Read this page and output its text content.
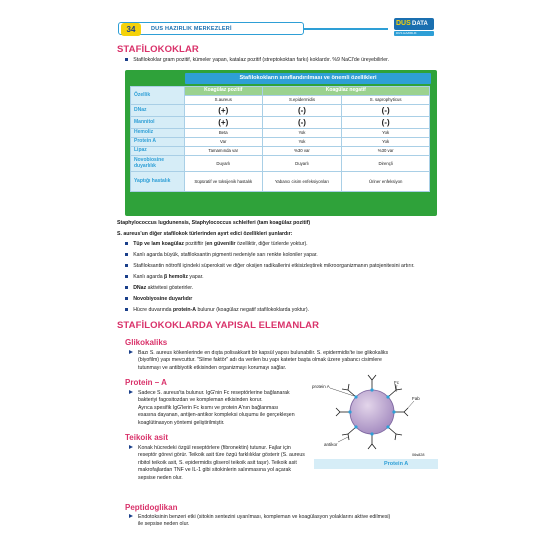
34	DUS HAZIRLIK MERKEZLERİ
DUS DATA
DUS HAZIRLIK MERKEZLERİ
STAFİLOKOKLAR
Stafilokoklar gram pozitif, kümeler yapan, katalaz pozitif (streptokoktan farkı) koklardır. %9 NaCl'de üreyebilirler.
Stafilokokların sınıflandırılması ve önemli özellikleri
Özellik	Koagülaz pozitif	Koagülaz negatif	
	S.aureus	S.epidermidis	S. saprophyticus
DNaz	(+)	(-)	(-)
Mannitol	(+)	(-)	(-)
Hemoliz	Beta	Yok	Yok
Protein A	Var	Yok	Yok
Lipaz	Tamamında var	%30 var	%30 var
Novobiosine duyarlılık	Duyarlı	Duyarlı	Dirençli
Yaptığı hastalık	Süpüratif ve toksijenik hastalık	Yabancı cisim enfeksiyonları	Üriner enfeksiyon
Staphylococcus lugdunensis, Staphylococcus schleiferi (tam koagülaz pozitif)
S. aureus'un diğer stafilokok türlerinden ayırt edici özellikleri şunlardır:
Tüp ve lam koagülaz pozitiftir (en güvenilir özelliktir, diğer türlerde yoktur).
Kanlı agarda büyük, stafiloksantin pigmenti nedeniyle sarı renkte koloniler yapar.
Stafiloksantin nötrofil içindeki süperoksit ve diğer oksijen radikallerini etkisizleştirek mikroorganizmanın patojenitesini artırır.
Kanlı agarda β hemoliz yapar.
DNaz aktivitesi gösterirler.
Novobiyosine duyarlıdır
Hücre duvarında protein-A bulunur (koagülaz negatif stafilokoklarda yoktur).
STAFİLOKOKLARDA YAPISAL ELEMANLAR
Glikokaliks
Bazı S. aureus kökenlerinde en dışta polisakkarit bir kapsül yapısı bulunabilir. S. epidermidis'te ise glikokaliks
(biyofilm) yapı mevcuttur. "Slime faktör" adı da verilen bu yapı kateter başta olmak üzere yabancı cisimlere
tutunmayı ve antibiyotik etkisinden organizmayı korumayı sağlar.
Protein – A
Sadece S. aureus'ta bulunur. IgG'nin Fc reseptörlerine bağlanarak
bakteriyi fagositozdan ve kompleman etkisinden korur.
Ayrıca spesifik IgG'lerin Fc kısmı ve protein A'nın bağlanması
esasına dayanan, antijen-antikor kompleksi oluşumu ile gerçekleşen
koaglütinasyon yöntemi geliştirilmiştir.
Teikoik asit
Konak hücredeki özgül reseptörlere (fibronektin) tutunur. Fajlar için
reseptör görevi görür. Teikoik asit türe özgü farklılıklar gösterir (S. aureus
ribitol teikoik asit, S. epidermidis gliserol teikoik asit taşır). Teikoik asit
makrofajlardan TNF ve IL-1 gibi sitokinlerin salınmasına yol açarak
sepsise neden olur.
Peptidoglikan
Endotoksinin benzeri etki (sitokin sentezini uyarılması, kompleman ve koagülasyon yolaklarını aktive edilmesi)
ile sepsise neden olur.
protein A
Fc
Fab
antikor
06s828
Protein A
